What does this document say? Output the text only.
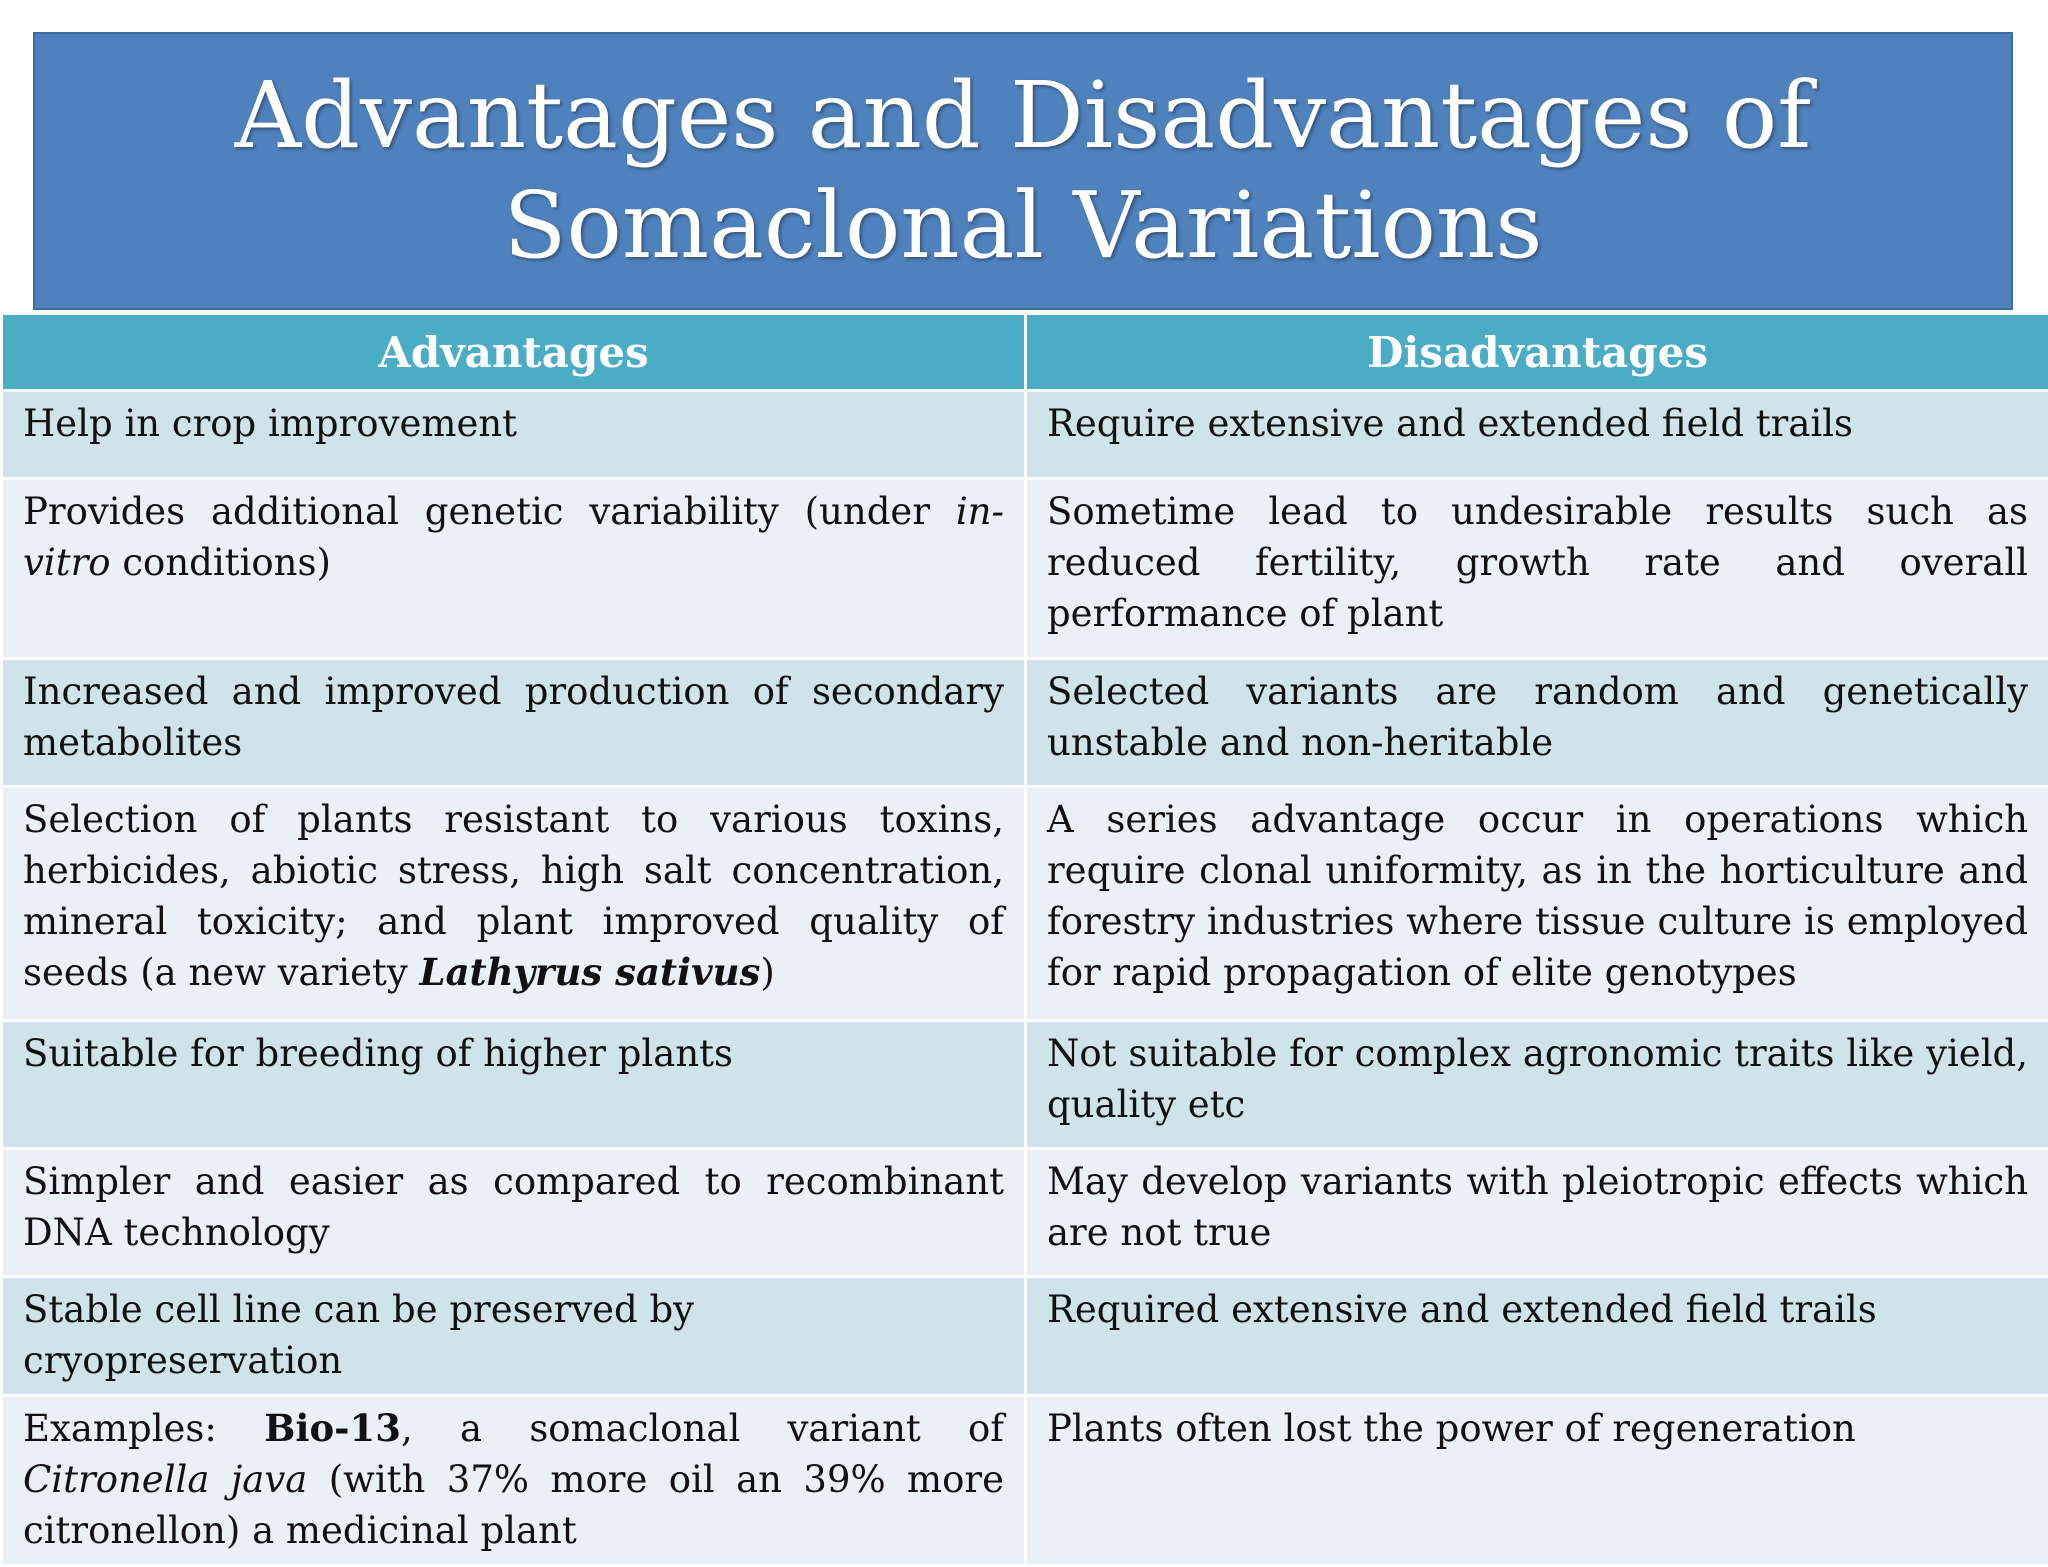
Advantages and Disadvantages of
Somaclonal Variations
Advantages	Disadvantages
Help in crop improvement	Require extensive and extended field trails
Provides additional genetic variability (under in-vitro conditions)	Sometime lead to undesirable results such as reduced fertility, growth rate and overall performance of plant
Increased and improved production of secondary metabolites	Selected variants are random and genetically unstable and non-heritable
Selection of plants resistant to various toxins, herbicides, abiotic stress, high salt concentration, mineral toxicity; and plant improved quality of seeds (a new variety Lathyrus sativus)	A series advantage occur in operations which require clonal uniformity, as in the horticulture and forestry industries where tissue culture is employed for rapid propagation of elite genotypes
Suitable for breeding of higher plants	Not suitable for complex agronomic traits like yield, quality etc
Simpler and easier as compared to recombinant DNA technology	May develop variants with pleiotropic effects which are not true
Stable cell line can be preserved by cryopreservation	Required extensive and extended field trails
Examples: Bio-13, a somaclonal variant of Citronella java (with 37% more oil an 39% more citronellon) a medicinal plant	Plants often lost the power of regeneration
